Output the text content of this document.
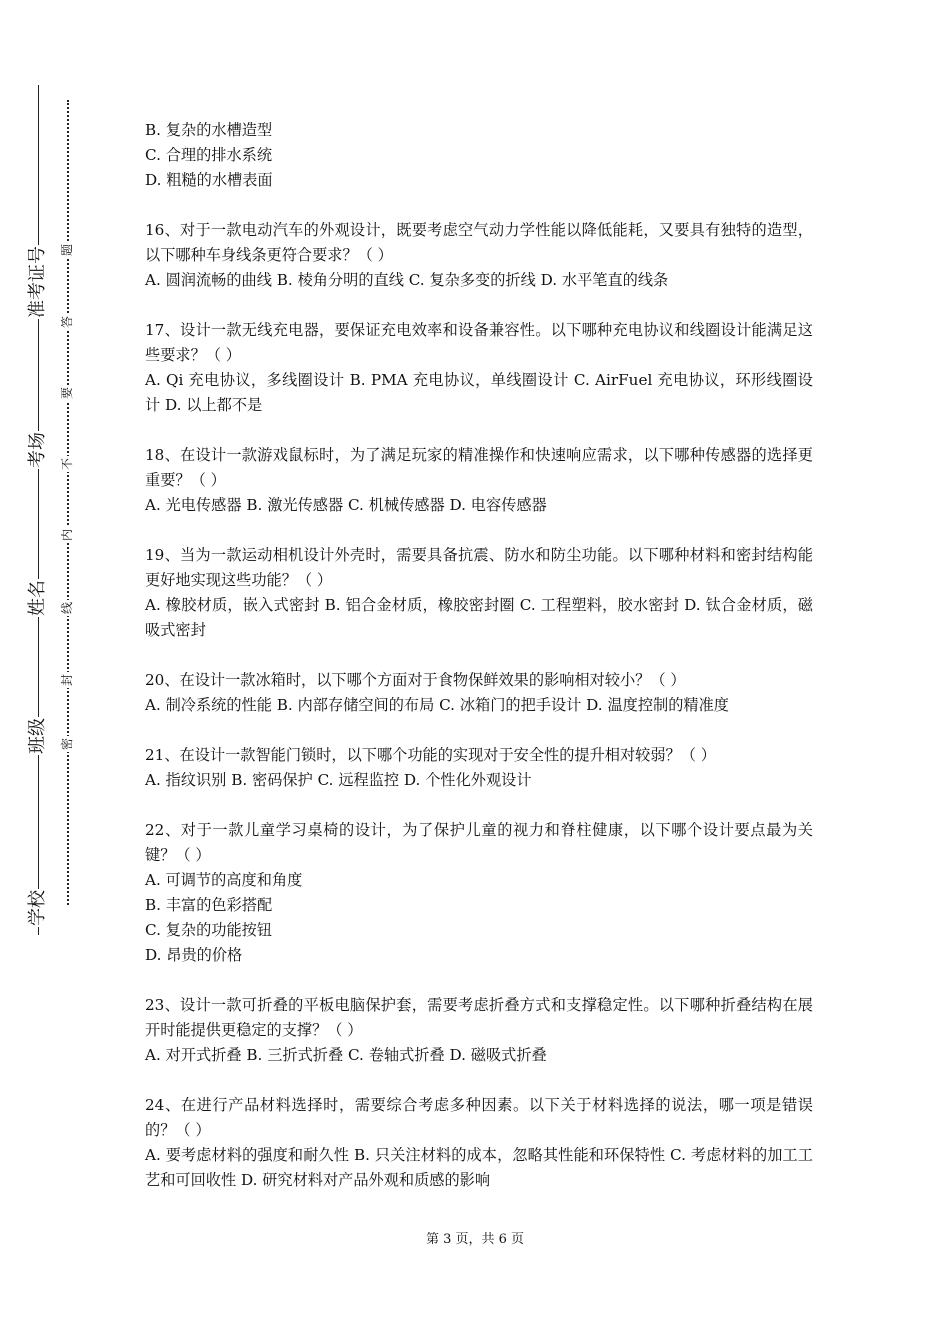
准考证号
考场
姓名
班级
学校
密
封
线
内
不
要
答
题
B. 复杂的水槽造型
C. 合理的排水系统
D. 粗糙的水槽表面
16、对于一款电动汽车的外观设计，既要考虑空气动力学性能以降低能耗，又要具有独特的造型，以下哪种车身线条更符合要求？（ ）
A. 圆润流畅的曲线 B. 棱角分明的直线 C. 复杂多变的折线 D. 水平笔直的线条
17、设计一款无线充电器，要保证充电效率和设备兼容性。以下哪种充电协议和线圈设计能满足这些要求？（ ）
A. Qi 充电协议，多线圈设计 B. PMA 充电协议，单线圈设计 C. AirFuel 充电协议，环形线圈设计 D. 以上都不是
18、在设计一款游戏鼠标时，为了满足玩家的精准操作和快速响应需求，以下哪种传感器的选择更重要？（ ）
A. 光电传感器 B. 激光传感器 C. 机械传感器 D. 电容传感器
19、当为一款运动相机设计外壳时，需要具备抗震、防水和防尘功能。以下哪种材料和密封结构能更好地实现这些功能？（ ）
A. 橡胶材质，嵌入式密封 B. 铝合金材质，橡胶密封圈 C. 工程塑料，胶水密封 D. 钛合金材质，磁吸式密封
20、在设计一款冰箱时，以下哪个方面对于食物保鲜效果的影响相对较小？（ ）
A. 制冷系统的性能 B. 内部存储空间的布局 C. 冰箱门的把手设计 D. 温度控制的精准度
21、在设计一款智能门锁时，以下哪个功能的实现对于安全性的提升相对较弱？（ ）
A. 指纹识别 B. 密码保护 C. 远程监控 D. 个性化外观设计
22、对于一款儿童学习桌椅的设计，为了保护儿童的视力和脊柱健康，以下哪个设计要点最为关键？（ ）
A. 可调节的高度和角度
B. 丰富的色彩搭配
C. 复杂的功能按钮
D. 昂贵的价格
23、设计一款可折叠的平板电脑保护套，需要考虑折叠方式和支撑稳定性。以下哪种折叠结构在展开时能提供更稳定的支撑？（ ）
A. 对开式折叠 B. 三折式折叠 C. 卷轴式折叠 D. 磁吸式折叠
24、在进行产品材料选择时，需要综合考虑多种因素。以下关于材料选择的说法，哪一项是错误的？（ ）
A. 要考虑材料的强度和耐久性 B. 只关注材料的成本，忽略其性能和环保特性 C. 考虑材料的加工工艺和可回收性 D. 研究材料对产品外观和质感的影响
第 3 页，共 6 页
